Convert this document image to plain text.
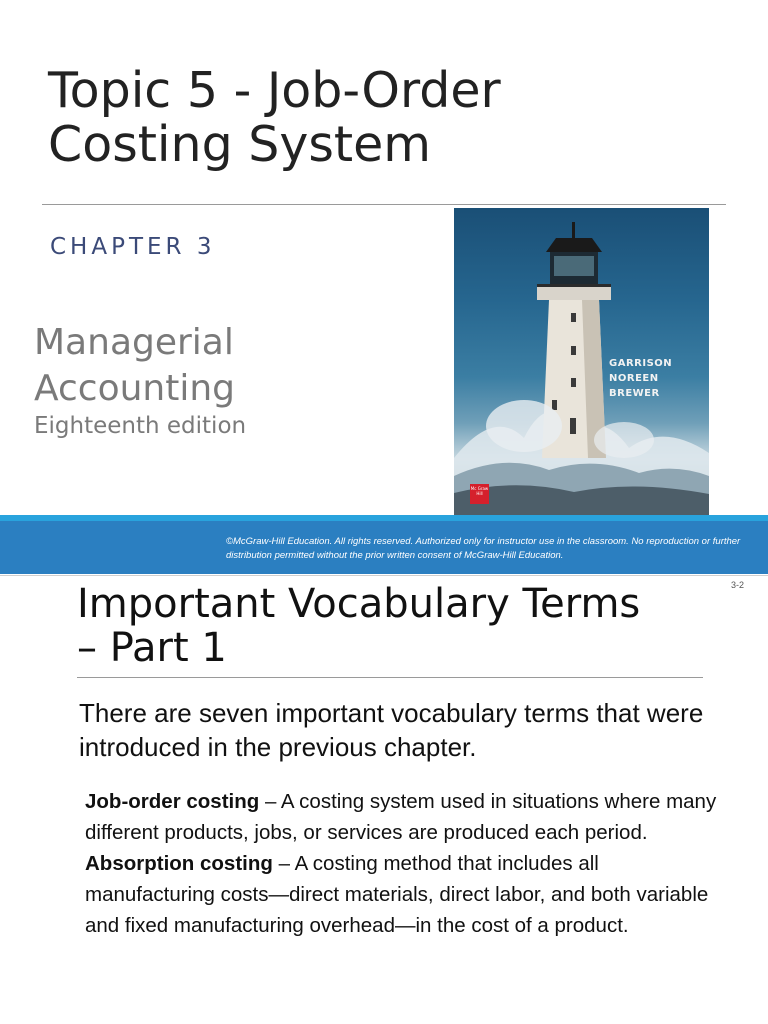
Topic 5 - Job-Order
Costing System
CHAPTER 3
Managerial
Accounting
Eighteenth edition
GARRISON
NOREEN
BREWER
Mc Graw Hill
©McGraw-Hill Education. All rights reserved. Authorized only for instructor use in the classroom. No reproduction or further
distribution permitted without the prior written consent of McGraw-Hill Education.
3-2
Important Vocabulary Terms
– Part 1
There are seven important vocabulary terms that were introduced in the previous chapter.

Job-order costing – A costing system used in situations where many different products, jobs, or services are produced each period.

Absorption costing – A costing method that includes all manufacturing costs—direct materials, direct labor, and both variable and fixed manufacturing overhead—in the cost of a product.
